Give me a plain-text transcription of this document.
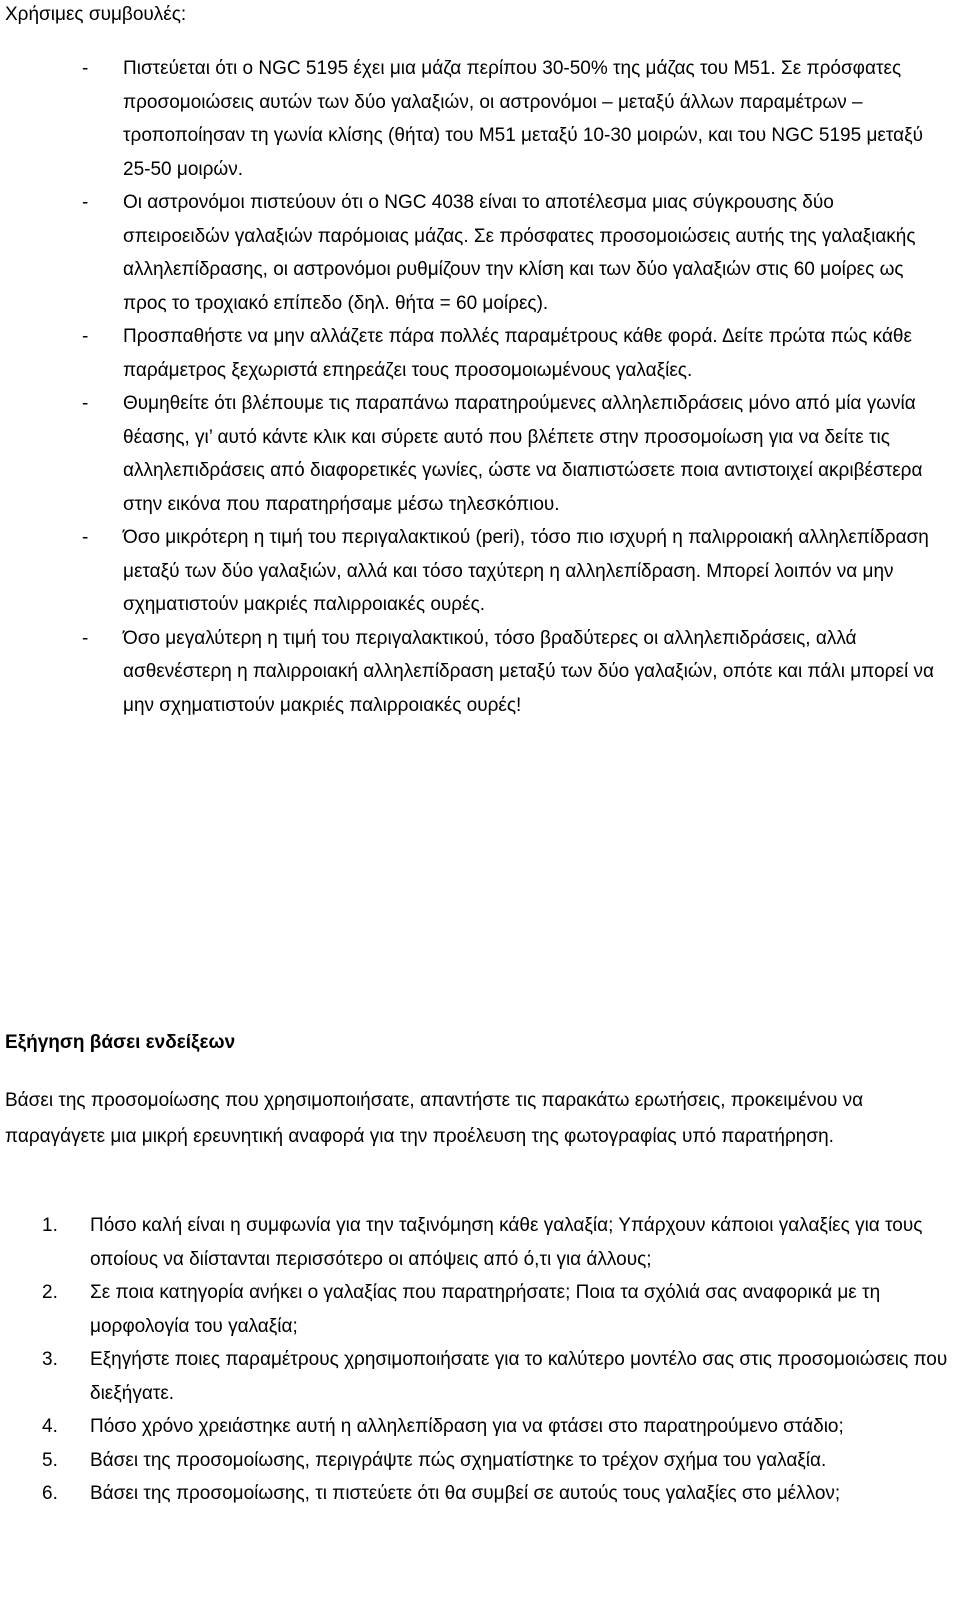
Χρήσιμες συμβουλές:
- Πιστεύεται ότι ο NGC 5195 έχει μια μάζα περίπου 30-50% της μάζας του M51. Σε πρόσφατες προσομοιώσεις αυτών των δύο γαλαξιών, οι αστρονόμοι – μεταξύ άλλων παραμέτρων – τροποποίησαν τη γωνία κλίσης (θήτα) του M51 μεταξύ 10-30 μοιρών, και του NGC 5195 μεταξύ 25-50 μοιρών.
- Οι αστρονόμοι πιστεύουν ότι ο NGC 4038 είναι το αποτέλεσμα μιας σύγκρουσης δύο σπειροειδών γαλαξιών παρόμοιας μάζας. Σε πρόσφατες προσομοιώσεις αυτής της γαλαξιακής αλληλεπίδρασης, οι αστρονόμοι ρυθμίζουν την κλίση και των δύο γαλαξιών στις 60 μοίρες ως προς το τροχιακό επίπεδο (δηλ. θήτα = 60 μοίρες).
- Προσπαθήστε να μην αλλάζετε πάρα πολλές παραμέτρους κάθε φορά. Δείτε πρώτα πώς κάθε παράμετρος ξεχωριστά επηρεάζει τους προσομοιωμένους γαλαξίες.
- Θυμηθείτε ότι βλέπουμε τις παραπάνω παρατηρούμενες αλληλεπιδράσεις μόνο από μία γωνία θέασης, γι’ αυτό κάντε κλικ και σύρετε αυτό που βλέπετε στην προσομοίωση για να δείτε τις αλληλεπιδράσεις από διαφορετικές γωνίες, ώστε να διαπιστώσετε ποια αντιστοιχεί ακριβέστερα στην εικόνα που παρατηρήσαμε μέσω τηλεσκόπιου.
- Όσο μικρότερη η τιμή του περιγαλακτικού (peri), τόσο πιο ισχυρή η παλιρροιακή αλληλεπίδραση μεταξύ των δύο γαλαξιών, αλλά και τόσο ταχύτερη η αλληλεπίδραση. Μπορεί λοιπόν να μην σχηματιστούν μακριές παλιρροιακές ουρές.
- Όσο μεγαλύτερη η τιμή του περιγαλακτικού, τόσο βραδύτερες οι αλληλεπιδράσεις, αλλά ασθενέστερη η παλιρροιακή αλληλεπίδραση μεταξύ των δύο γαλαξιών, οπότε και πάλι μπορεί να μην σχηματιστούν μακριές παλιρροιακές ουρές!
Εξήγηση βάσει ενδείξεων

Βάσει της προσομοίωσης που χρησιμοποιήσατε, απαντήστε τις παρακάτω ερωτήσεις, προκειμένου να παραγάγετε μια μικρή ερευνητική αναφορά για την προέλευση της φωτογραφίας υπό παρατήρηση.

1. Πόσο καλή είναι η συμφωνία για την ταξινόμηση κάθε γαλαξία; Υπάρχουν κάποιοι γαλαξίες για τους οποίους να διίστανται περισσότερο οι απόψεις από ό,τι για άλλους;
2. Σε ποια κατηγορία ανήκει ο γαλαξίας που παρατηρήσατε; Ποια τα σχόλιά σας αναφορικά με τη μορφολογία του γαλαξία;
3. Εξηγήστε ποιες παραμέτρους χρησιμοποιήσατε για το καλύτερο μοντέλο σας στις προσομοιώσεις που διεξήγατε.
4. Πόσο χρόνο χρειάστηκε αυτή η αλληλεπίδραση για να φτάσει στο παρατηρούμενο στάδιο;
5. Βάσει της προσομοίωσης, περιγράψτε πώς σχηματίστηκε το τρέχον σχήμα του γαλαξία.
6. Βάσει της προσομοίωσης, τι πιστεύετε ότι θα συμβεί σε αυτούς τους γαλαξίες στο μέλλον;
